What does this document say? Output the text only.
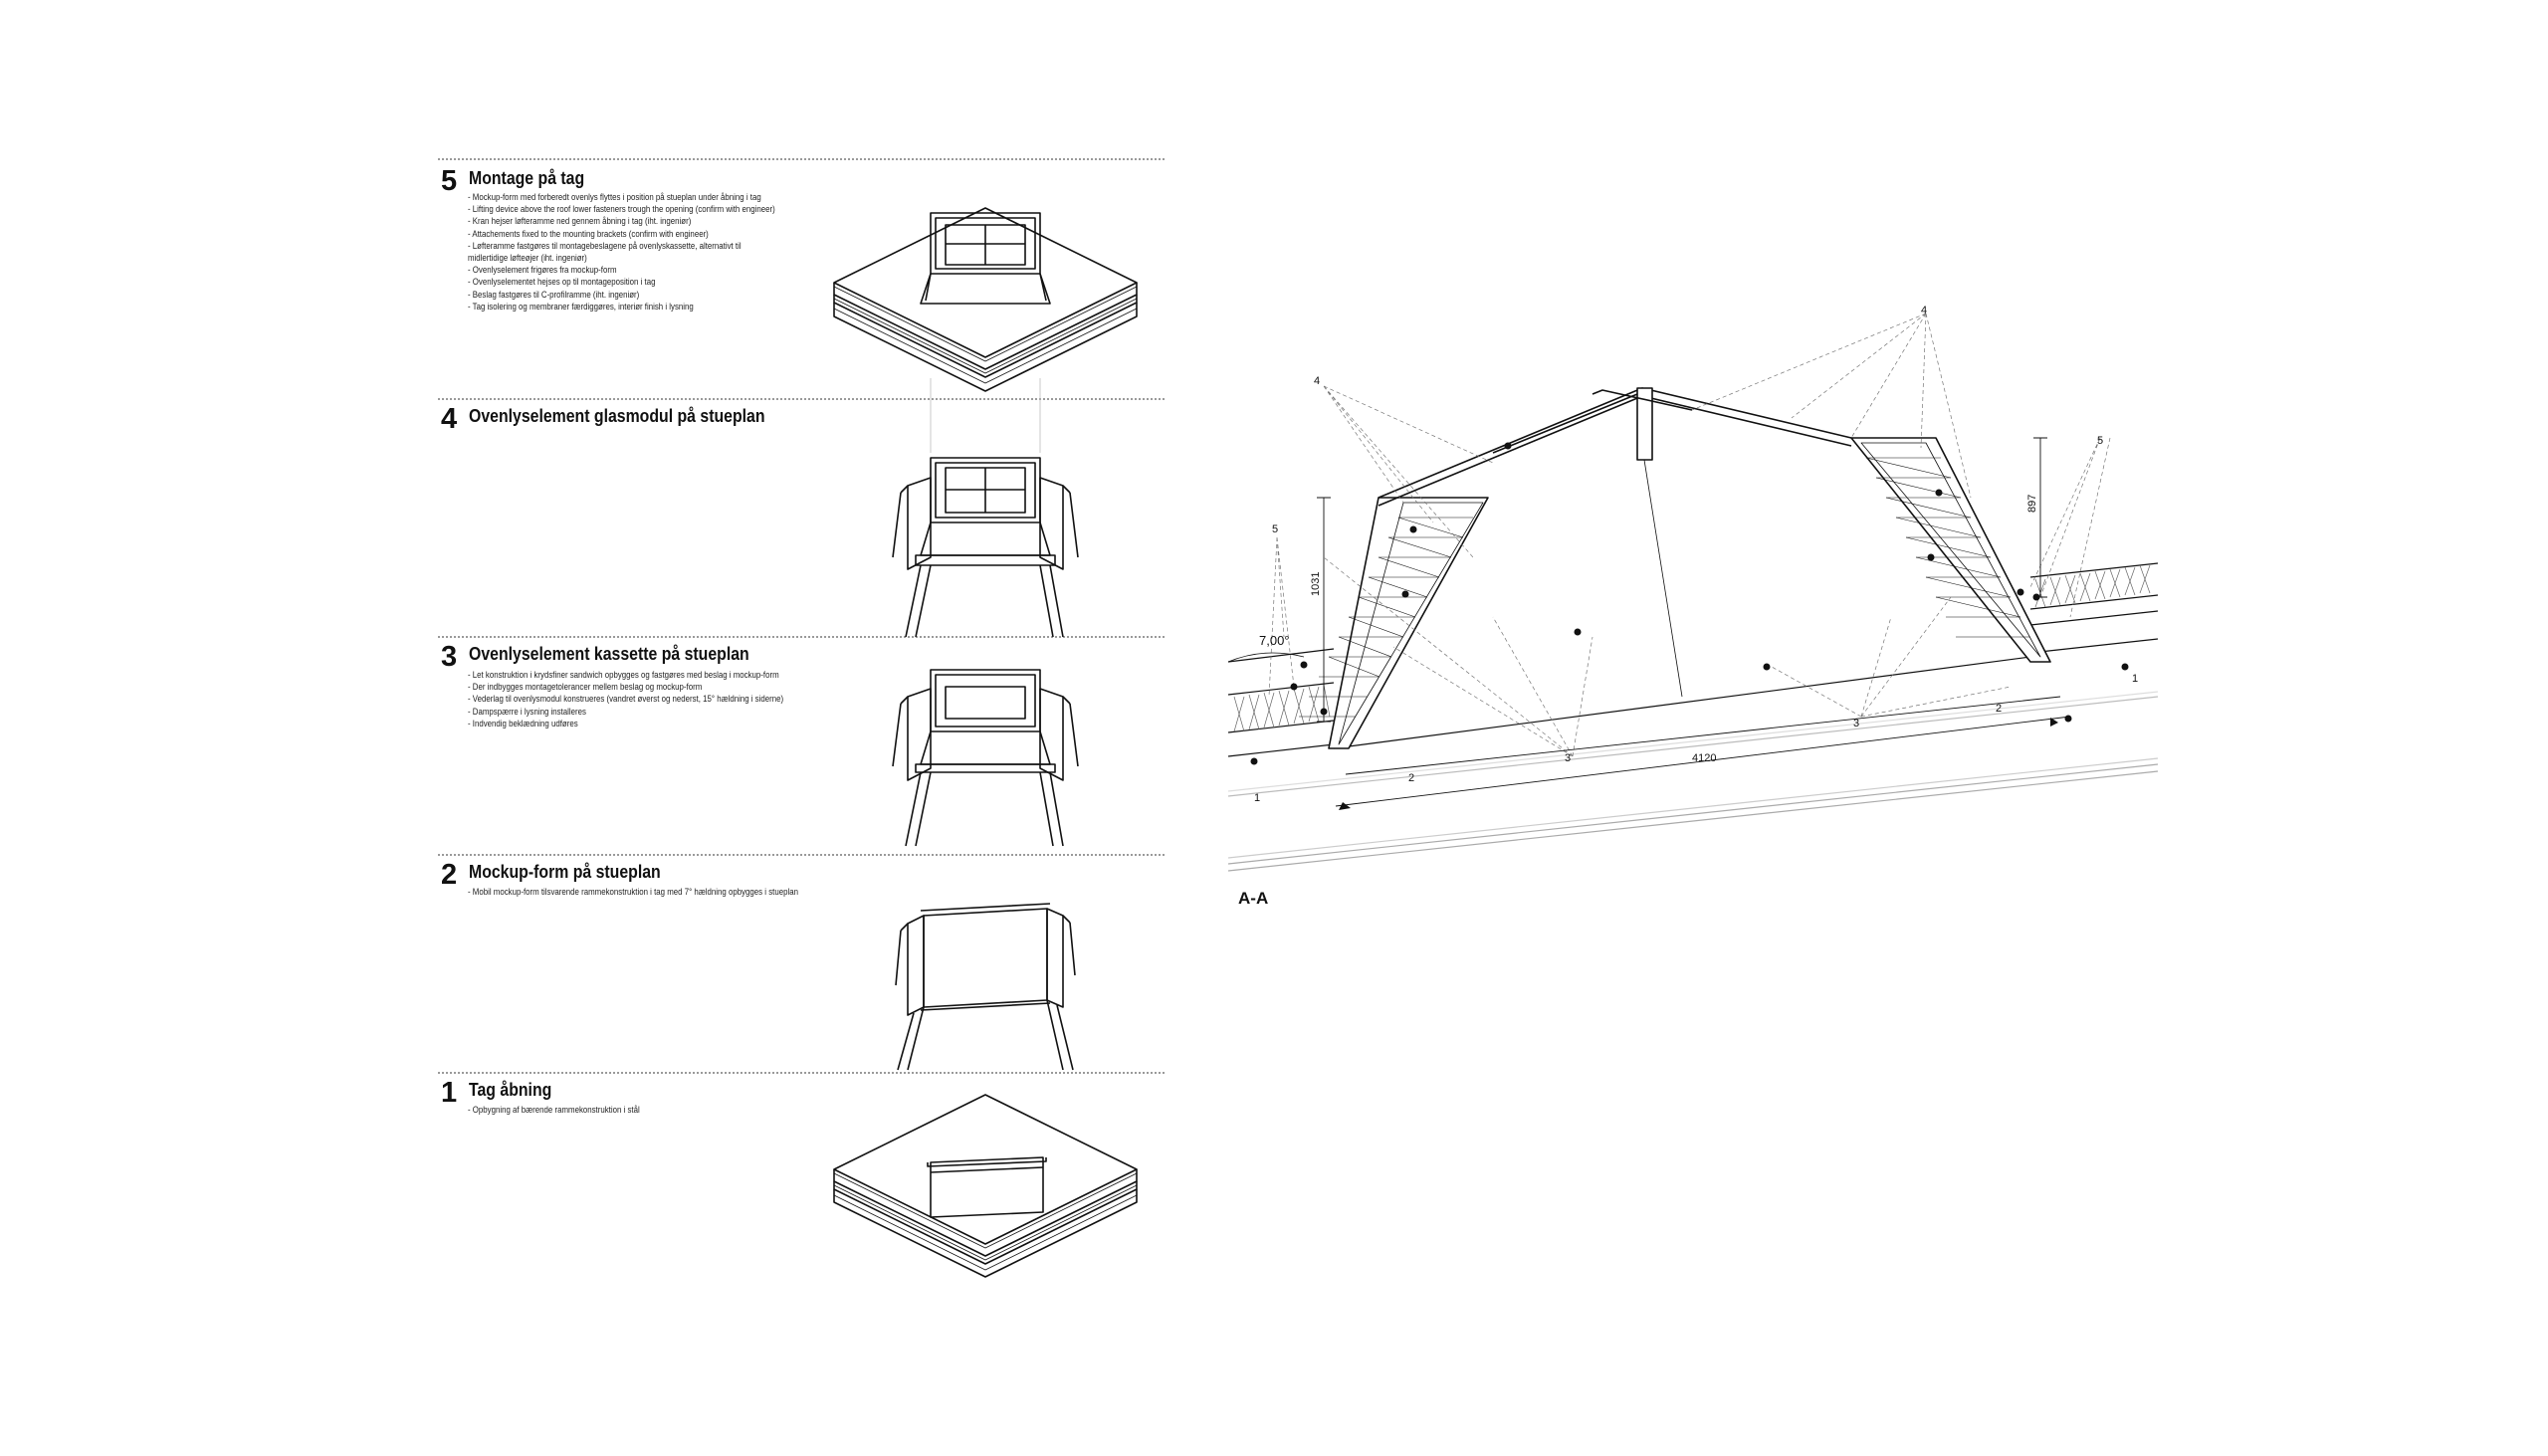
5 Montage på tag
- Mockup-form med forberedt ovenlys flyttes i position på stueplan under åbning i tag
- Lifting device above the roof lower fasteners trough the opening (confirm with engineer)
- Kran hejser løfteramme ned gennem åbning i tag (iht. ingeniør)
- Attachements fixed to the mounting brackets (confirm with engineer)
- Løfteramme fastgøres til montagebeslagene på ovenlyskassette, alternativt til
midlertidige løfteøjer (iht. ingeniør)
- Ovenlyselement frigøres fra mockup-form
- Ovenlyselementet hejses op til montageposition i tag
- Beslag fastgøres til C-profilramme (iht. ingeniør)
- Tag isolering og membraner færdiggøres, interiør finish i lysning
4 Ovenlyselement glasmodul på stueplan
3 Ovenlyselement kassette på stueplan
- Let konstruktion i krydsfiner sandwich opbygges og fastgøres med beslag i mockup-form
- Der indbygges montagetolerancer mellem beslag og mockup-form
- Vederlag til ovenlysmodul konstrueres (vandret øverst og nederst, 15° hældning i siderne)
- Dampspærre i lysning installeres
- Indvendig beklædning udføres
2 Mockup-form på stueplan
- Mobil mockup-form tilsvarende rammekonstruktion i tag med 7° hældning opbygges i stueplan
1 Tag åbning
- Opbygning af bærende rammekonstruktion i stål
4
4
5
5
3
3
2
2
1
1
4120
7,00°
1031
897
A-A
